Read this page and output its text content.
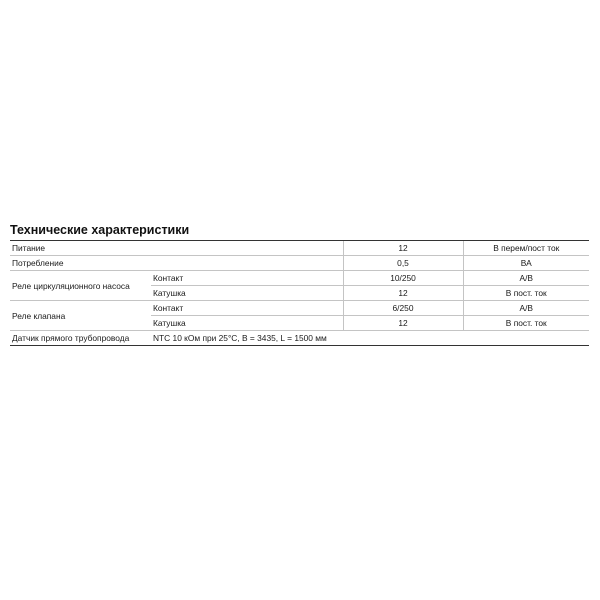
Технические характеристики
Питание		12	В перем/пост ток
Потребление		0,5	ВА
Реле циркуляционного насоса	Контакт	10/250	A/B
	Катушка	12	В пост. ток
Реле клапана	Контакт	6/250	A/B
	Катушка	12	В пост. ток
Датчик прямого трубопровода	NTC 10 кОм при 25°C, B = 3435, L = 1500 мм		
